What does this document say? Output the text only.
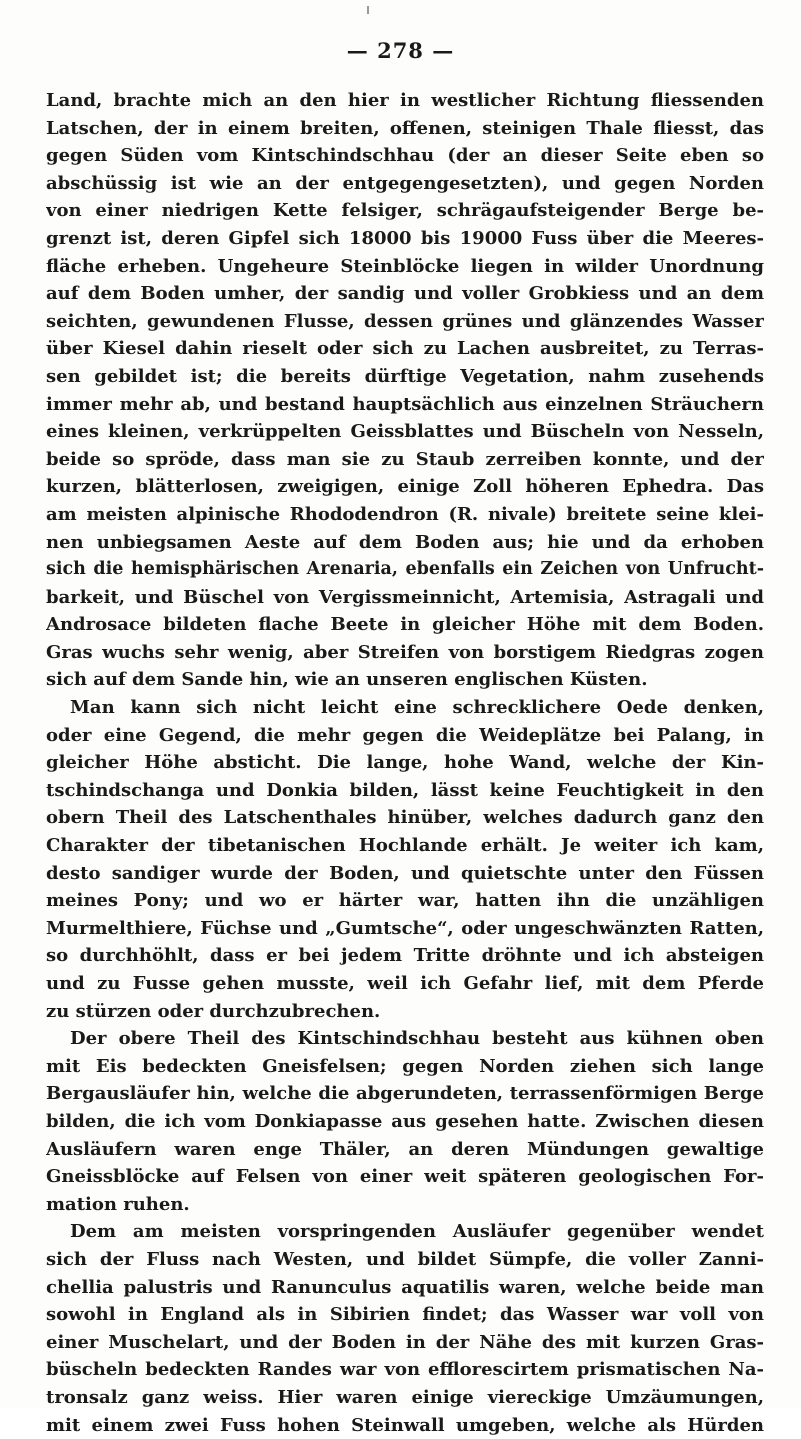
— 278 —
Land, brachte mich an den hier in westlicher Richtung fliessenden
Latschen, der in einem breiten, offenen, steinigen Thale fliesst, das
gegen Süden vom Kintschindschhau (der an dieser Seite eben so
abschüssig ist wie an der entgegengesetzten), und gegen Norden
von einer niedrigen Kette felsiger, schrägaufsteigender Berge be-
grenzt ist, deren Gipfel sich 18000 bis 19000 Fuss über die Meeres-
fläche erheben. Ungeheure Steinblöcke liegen in wilder Unordnung
auf dem Boden umher, der sandig und voller Grobkiess und an dem
seichten, gewundenen Flusse, dessen grünes und glänzendes Wasser
über Kiesel dahin rieselt oder sich zu Lachen ausbreitet, zu Terras-
sen gebildet ist; die bereits dürftige Vegetation, nahm zusehends
immer mehr ab, und bestand hauptsächlich aus einzelnen Sträuchern
eines kleinen, verkrüppelten Geissblattes und Büscheln von Nesseln,
beide so spröde, dass man sie zu Staub zerreiben konnte, und der
kurzen, blätterlosen, zweigigen, einige Zoll höheren Ephedra. Das
am meisten alpinische Rhododendron (R. nivale) breitete seine klei-
nen unbiegsamen Aeste auf dem Boden aus; hie und da erhoben
sich die hemisphärischen Arenaria, ebenfalls ein Zeichen von Unfrucht-
barkeit, und Büschel von Vergissmeinnicht, Artemisia, Astragali und
Androsace bildeten flache Beete in gleicher Höhe mit dem Boden.
Gras wuchs sehr wenig, aber Streifen von borstigem Riedgras zogen
sich auf dem Sande hin, wie an unseren englischen Küsten.
Man kann sich nicht leicht eine schrecklichere Oede denken,
oder eine Gegend, die mehr gegen die Weideplätze bei Palang, in
gleicher Höhe absticht. Die lange, hohe Wand, welche der Kin-
tschindschanga und Donkia bilden, lässt keine Feuchtigkeit in den
obern Theil des Latschenthales hinüber, welches dadurch ganz den
Charakter der tibetanischen Hochlande erhält. Je weiter ich kam,
desto sandiger wurde der Boden, und quietschte unter den Füssen
meines Pony; und wo er härter war, hatten ihn die unzähligen
Murmelthiere, Füchse und „Gumtsche“, oder ungeschwänzten Ratten,
so durchhöhlt, dass er bei jedem Tritte dröhnte und ich absteigen
und zu Fusse gehen musste, weil ich Gefahr lief, mit dem Pferde
zu stürzen oder durchzubrechen.
Der obere Theil des Kintschindschhau besteht aus kühnen oben
mit Eis bedeckten Gneisfelsen; gegen Norden ziehen sich lange
Bergausläufer hin, welche die abgerundeten, terrassenförmigen Berge
bilden, die ich vom Donkiapasse aus gesehen hatte. Zwischen diesen
Ausläufern waren enge Thäler, an deren Mündungen gewaltige
Gneissblöcke auf Felsen von einer weit späteren geologischen For-
mation ruhen.
Dem am meisten vorspringenden Ausläufer gegenüber wendet
sich der Fluss nach Westen, und bildet Sümpfe, die voller Zanni-
chellia palustris und Ranunculus aquatilis waren, welche beide man
sowohl in England als in Sibirien findet; das Wasser war voll von
einer Muschelart, und der Boden in der Nähe des mit kurzen Gras-
büscheln bedeckten Randes war von efflorescirtem prismatischen Na-
tronsalz ganz weiss. Hier waren einige viereckige Umzäumungen,
mit einem zwei Fuss hohen Steinwall umgeben, welche als Hürden
